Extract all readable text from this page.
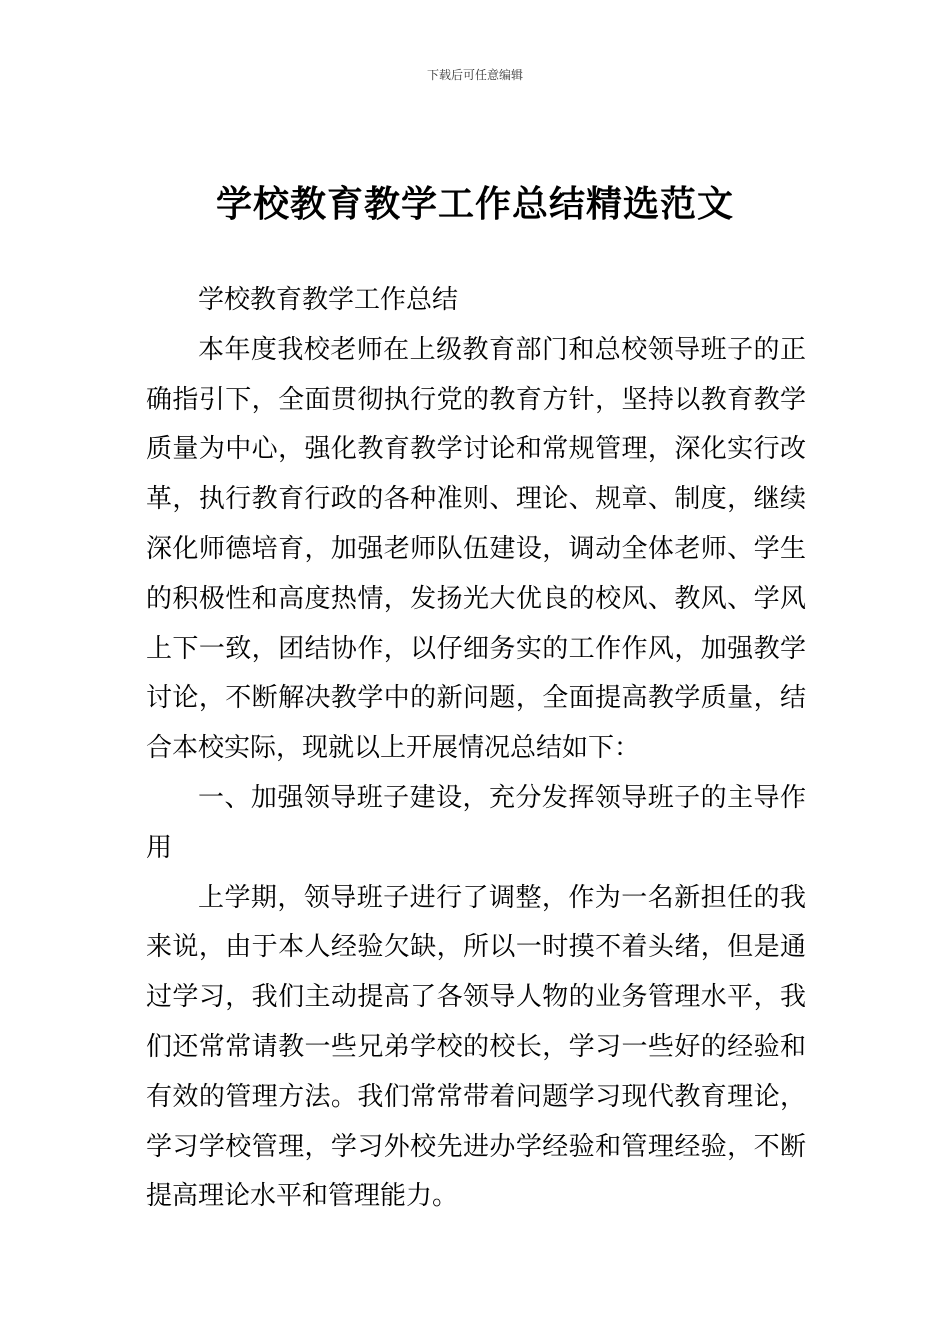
下载后可任意编辑
学校教育教学工作总结精选范文

学校教育教学工作总结

本年度我校老师在上级教育部门和总校领导班子的正确指引下，全面贯彻执行党的教育方针，坚持以教育教学质量为中心，强化教育教学讨论和常规管理，深化实行改革，执行教育行政的各种准则、理论、规章、制度，继续深化师德培育，加强老师队伍建设，调动全体老师、学生的积极性和高度热情，发扬光大优良的校风、教风、学风上下一致，团结协作，以仔细务实的工作作风，加强教学讨论，不断解决教学中的新问题，全面提高教学质量，结合本校实际，现就以上开展情况总结如下：

一、加强领导班子建设，充分发挥领导班子的主导作用

上学期，领导班子进行了调整，作为一名新担任的我来说，由于本人经验欠缺，所以一时摸不着头绪，但是通过学习，我们主动提高了各领导人物的业务管理水平，我们还常常请教一些兄弟学校的校长，学习一些好的经验和有效的管理方法。我们常常带着问题学习现代教育理论，学习学校管理，学习外校先进办学经验和管理经验，不断提高理论水平和管理能力。
